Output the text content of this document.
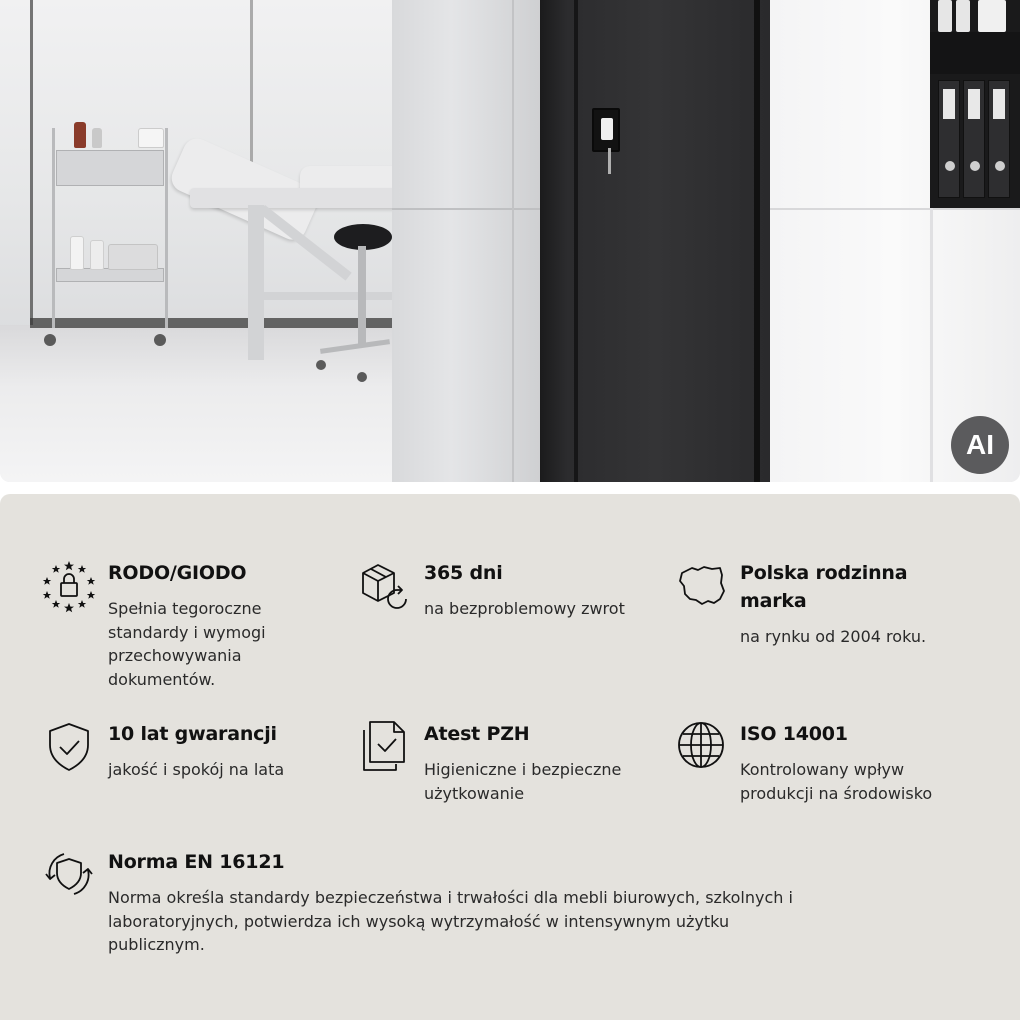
AI
RODO/GIODO
Spełnia tegoroczne standardy i wymogi przechowywania dokumentów.
365 dni
na bezproblemowy zwrot
Polska rodzinna marka
na rynku od 2004 roku.
10 lat gwarancji
jakość i spokój na lata
Atest PZH
Higieniczne i bezpieczne użytkowanie
ISO 14001
Kontrolowany wpływ produkcji na środowisko
Norma EN 16121
Norma określa standardy bezpieczeństwa i trwałości dla mebli biurowych, szkolnych i laboratoryjnych, potwierdza ich wysoką wytrzymałość w intensywnym użytku publicznym.
